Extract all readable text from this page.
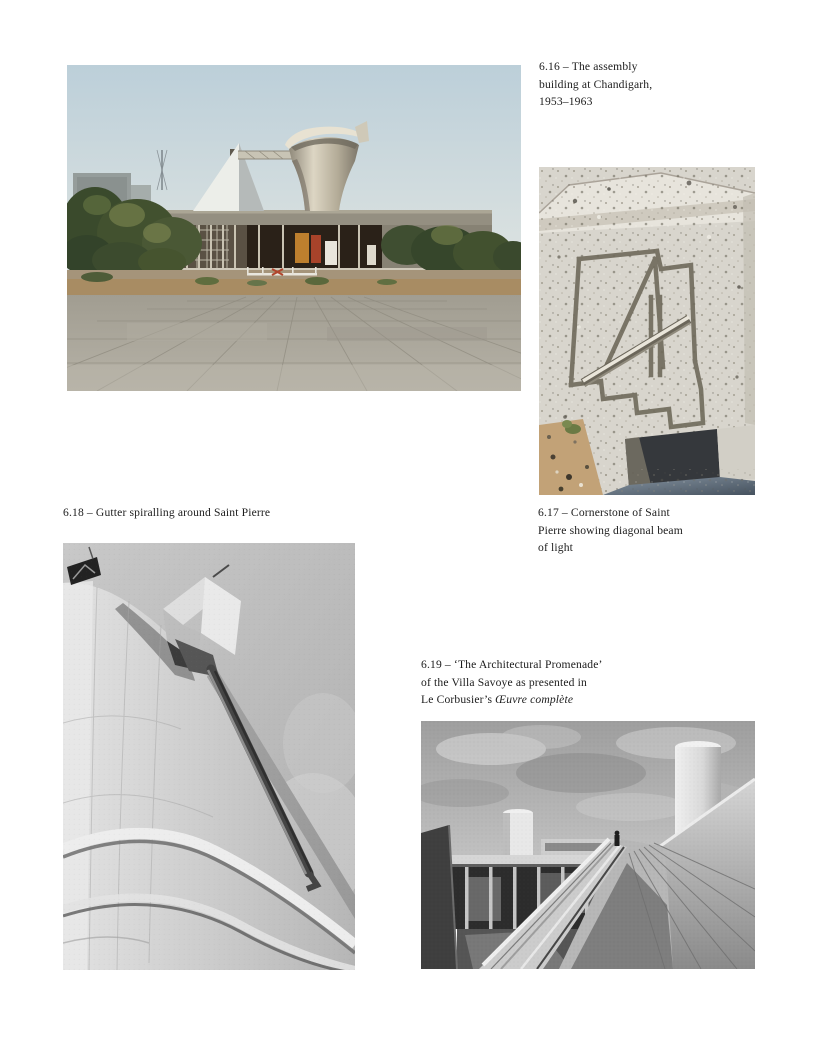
6.16 – The assembly
building at Chandigarh,
1953–1963
6.18 – Gutter spiralling around Saint Pierre	6.17 – Cornerstone of Saint
Pierre showing diagonal beam
of light
6.19 – ‘The Architectural Promenade’
of the Villa Savoye as presented in
Le Corbusier’s Œuvre complète
